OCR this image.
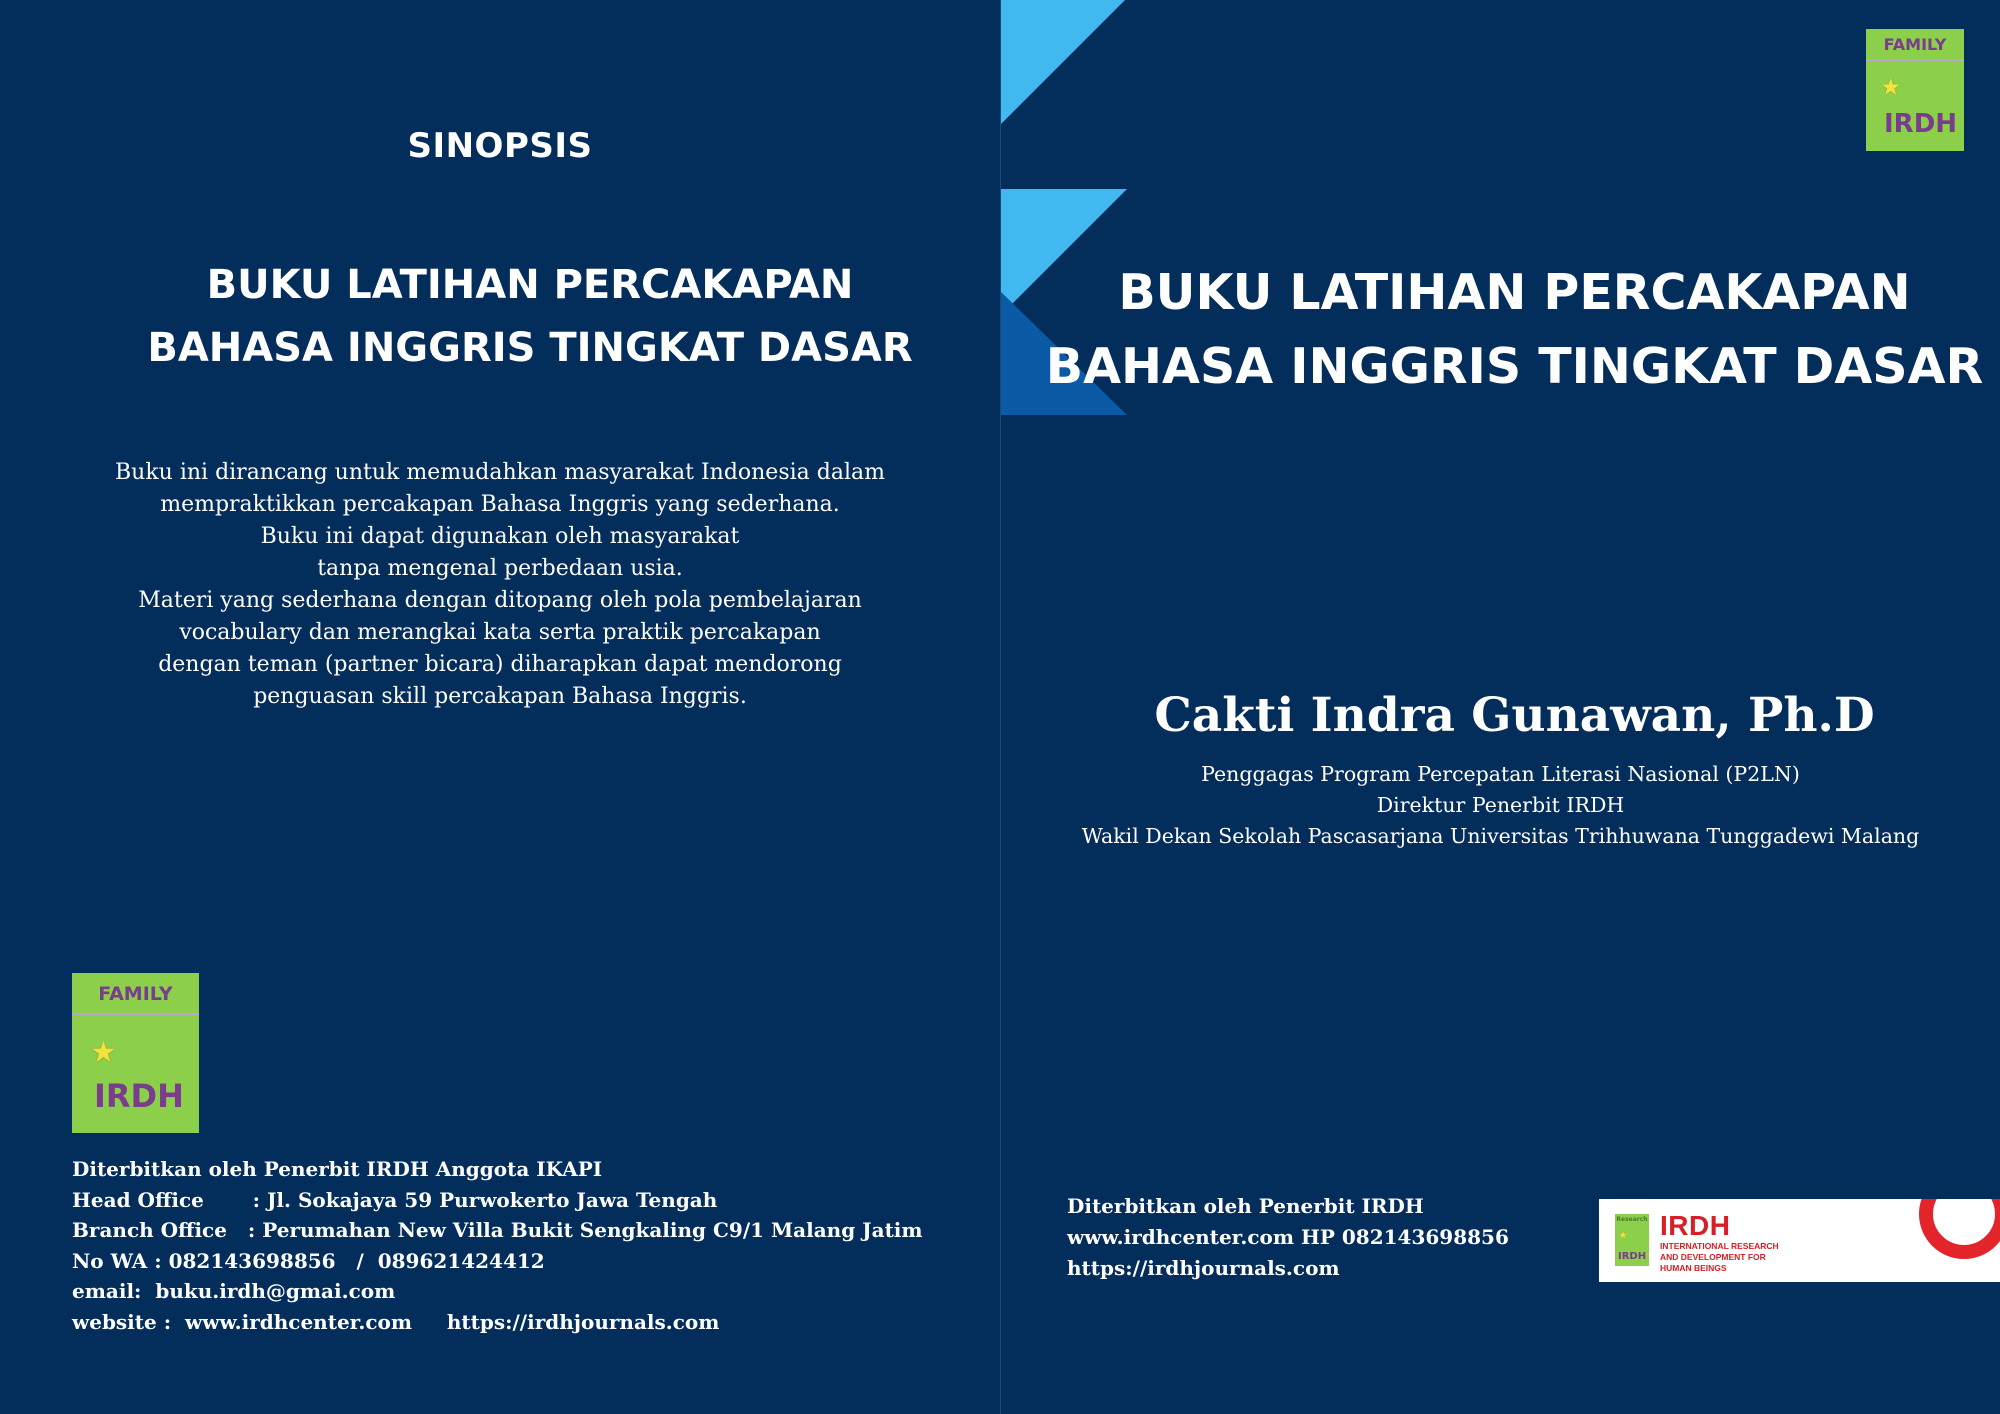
SINOPSIS
BUKU LATIHAN PERCAKAPAN
BAHASA INGGRIS TINGKAT DASAR
Buku ini dirancang untuk memudahkan masyarakat Indonesia dalam
mempraktikkan percakapan Bahasa Inggris yang sederhana.
Buku ini dapat digunakan oleh masyarakat
tanpa mengenal perbedaan usia.
Materi yang sederhana dengan ditopang oleh pola pembelajaran
vocabulary dan merangkai kata serta praktik percakapan
dengan teman (partner bicara) diharapkan dapat mendorong
penguasan skill percakapan Bahasa Inggris.
FAMILY
★
IRDH
Diterbitkan oleh Penerbit IRDH Anggota IKAPI
Head Office       : Jl. Sokajaya 59 Purwokerto Jawa Tengah
Branch Office   : Perumahan New Villa Bukit Sengkaling C9/1 Malang Jatim
No WA : 082143698856   /  089621424412
email:  buku.irdh@gmai.com
website :  www.irdhcenter.com     https://irdhjournals.com
FAMILY
★
IRDH
BUKU LATIHAN PERCAKAPAN
BAHASA INGGRIS TINGKAT DASAR
Cakti Indra Gunawan, Ph.D
Penggagas Program Percepatan Literasi Nasional (P2LN)
Direktur Penerbit IRDH
Wakil Dekan Sekolah Pascasarjana Universitas Trihhuwana Tunggadewi Malang
Diterbitkan oleh Penerbit IRDH
www.irdhcenter.com HP 082143698856
https://irdhjournals.com
Research
★
IRDH
IRDH
INTERNATIONAL RESEARCH
AND DEVELOPMENT FOR
HUMAN BEINGS
